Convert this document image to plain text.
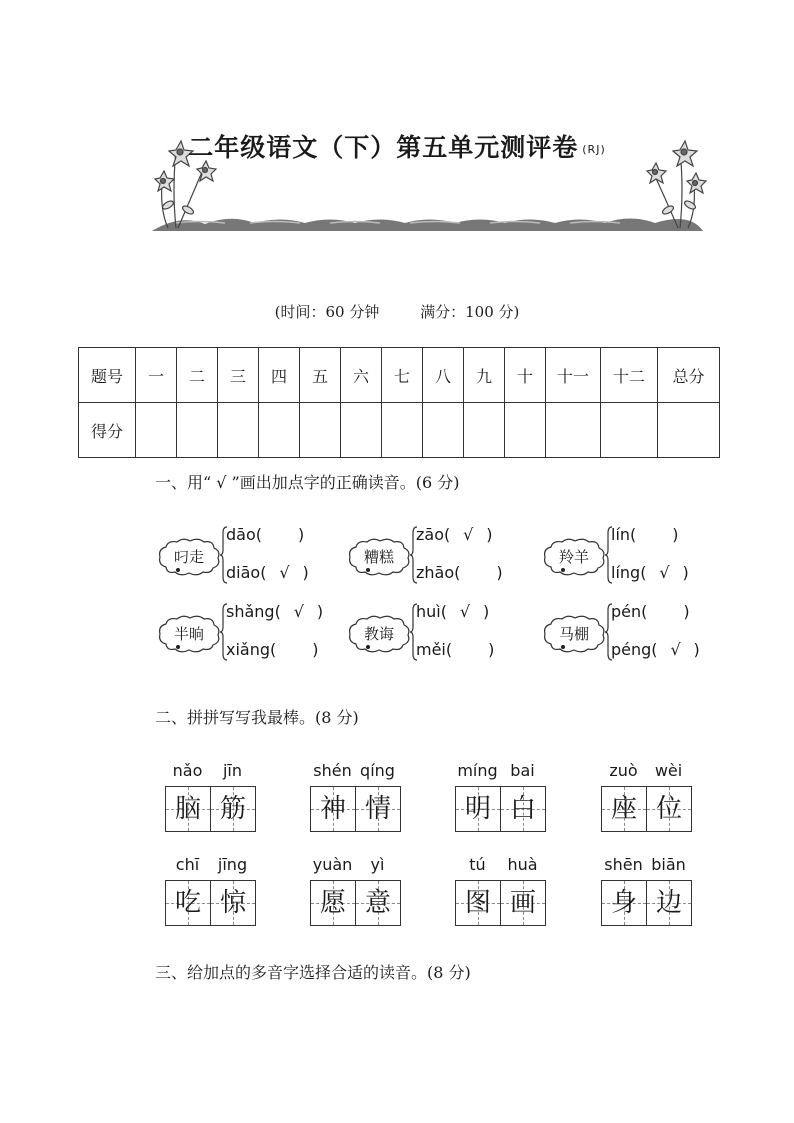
二年级语文（下）第五单元测评卷 (RJ)
(时间：60 分钟	满分：100 分)
题号	一	二	三	四	五	六	七	八	九	十	十一	十二	总分
得分													
一、用“ √ ”画出加点字的正确读音。(6 分)
叼走
dāo( )
diāo( √ )
糟糕
zāo( √ )
zhāo( )
羚羊
lín( )
líng( √ )
半晌
shǎng( √ )
xiǎng( )
教诲
huì( √ )
měi( )
马棚
pén( )
péng( √ )
二、拼拼写写我最棒。(8 分)
nǎo
脑
jīn
筋
shén
神
qíng
情
míng
明
bai
白
zuò
座
wèi
位
chī
吃
jīng
惊
yuàn
愿
yì
意
tú
图
huà
画
shēn
身
biān
边
三、给加点的多音字选择合适的读音。(8 分)
